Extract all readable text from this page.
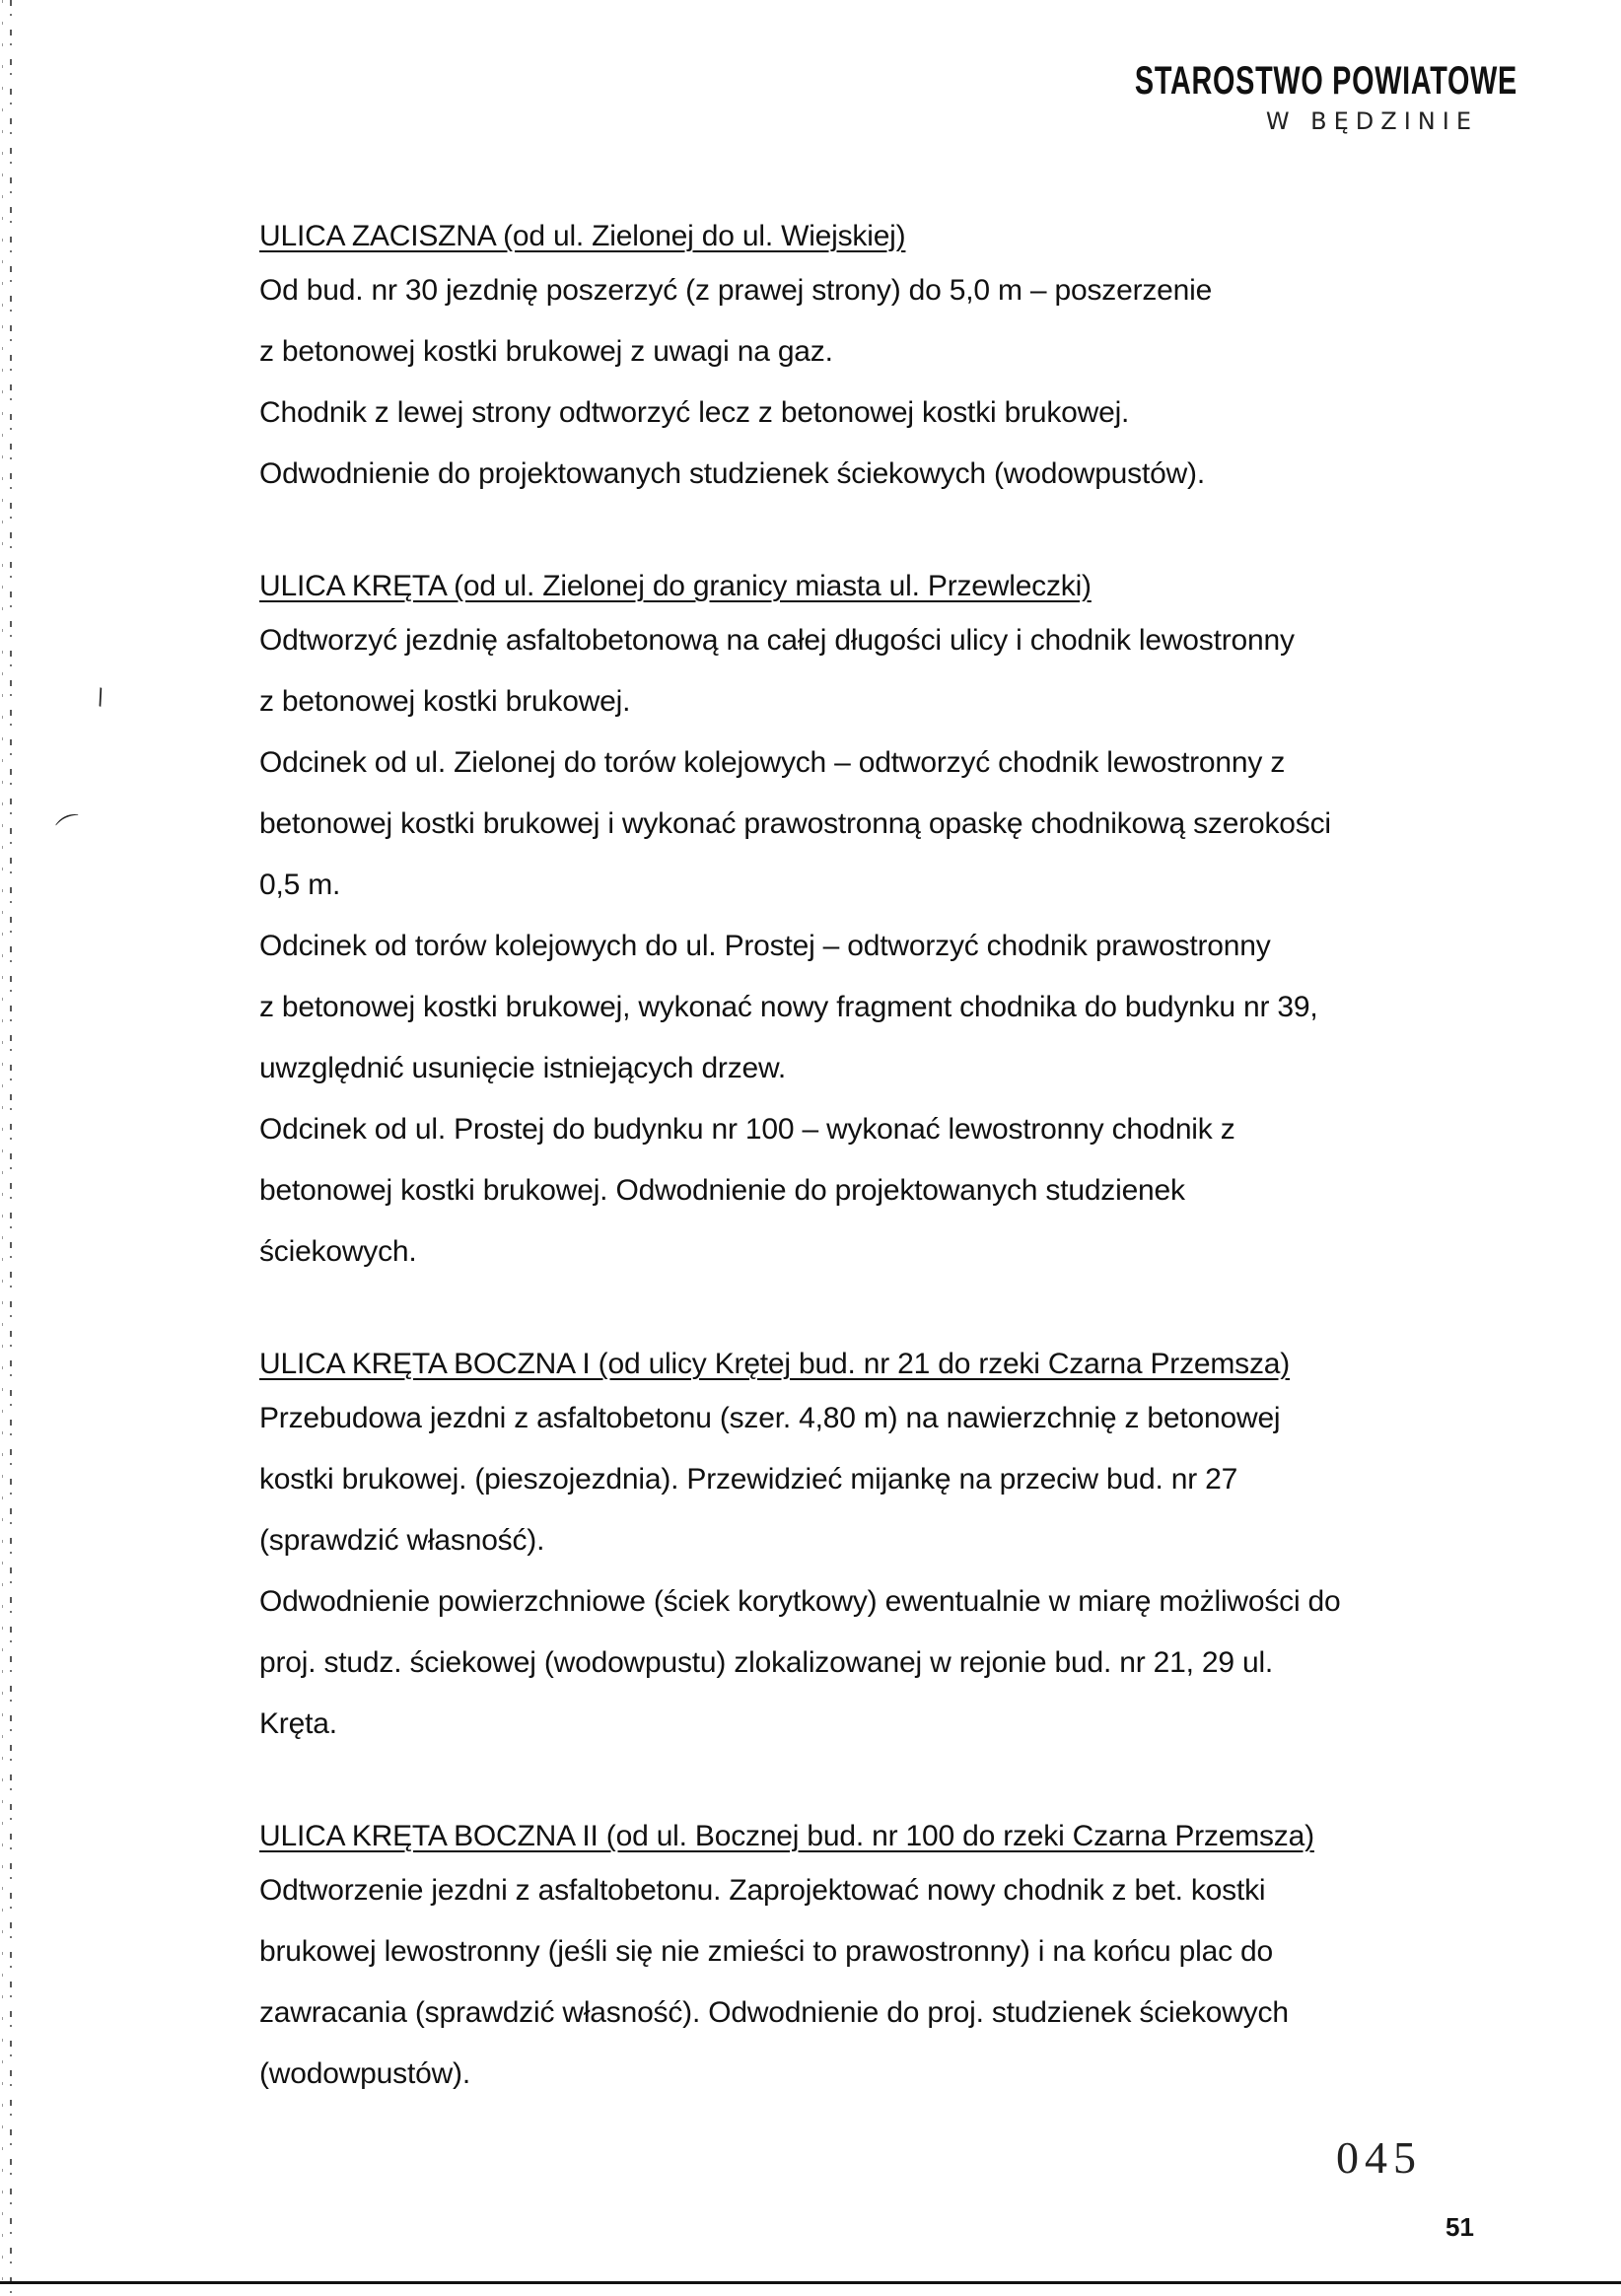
\
⌒
STAROSTWO POWIATOWE
W BĘDZINIE
ULICA ZACISZNA (od ul. Zielonej do ul. Wiejskiej)
Od bud. nr 30 jezdnię poszerzyć (z prawej strony) do 5,0 m – poszerzenie
z betonowej kostki brukowej z uwagi na gaz.
Chodnik z lewej strony odtworzyć lecz z betonowej kostki brukowej.
Odwodnienie do projektowanych studzienek ściekowych (wodowpustów).
ULICA KRĘTA (od ul. Zielonej do granicy miasta ul. Przewleczki)
Odtworzyć jezdnię asfaltobetonową na całej długości ulicy i chodnik lewostronny
z betonowej kostki brukowej.
Odcinek od ul. Zielonej do torów kolejowych – odtworzyć chodnik lewostronny z
betonowej kostki brukowej i wykonać prawostronną opaskę chodnikową szerokości
0,5 m.
Odcinek od torów kolejowych do ul. Prostej – odtworzyć chodnik prawostronny
z betonowej kostki brukowej, wykonać nowy fragment chodnika do budynku nr 39,
uwzględnić usunięcie istniejących drzew.
Odcinek od ul. Prostej do budynku nr 100 – wykonać lewostronny chodnik z
betonowej kostki brukowej. Odwodnienie do projektowanych studzienek
ściekowych.
ULICA KRĘTA BOCZNA I (od ulicy Krętej bud. nr 21 do rzeki Czarna Przemsza)
Przebudowa jezdni z asfaltobetonu (szer. 4,80 m) na nawierzchnię z betonowej
kostki brukowej. (pieszojezdnia). Przewidzieć mijankę na przeciw bud. nr 27
(sprawdzić własność).
Odwodnienie powierzchniowe (ściek korytkowy) ewentualnie w miarę możliwości do
proj. studz. ściekowej (wodowpustu) zlokalizowanej w rejonie bud. nr 21, 29 ul.
Kręta.
ULICA KRĘTA BOCZNA II (od ul. Bocznej bud. nr 100 do rzeki Czarna Przemsza)
Odtworzenie jezdni z asfaltobetonu. Zaprojektować nowy chodnik z bet. kostki
brukowej lewostronny (jeśli się nie zmieści to prawostronny) i na końcu plac do
zawracania (sprawdzić własność). Odwodnienie do proj. studzienek ściekowych
(wodowpustów).
045
51
